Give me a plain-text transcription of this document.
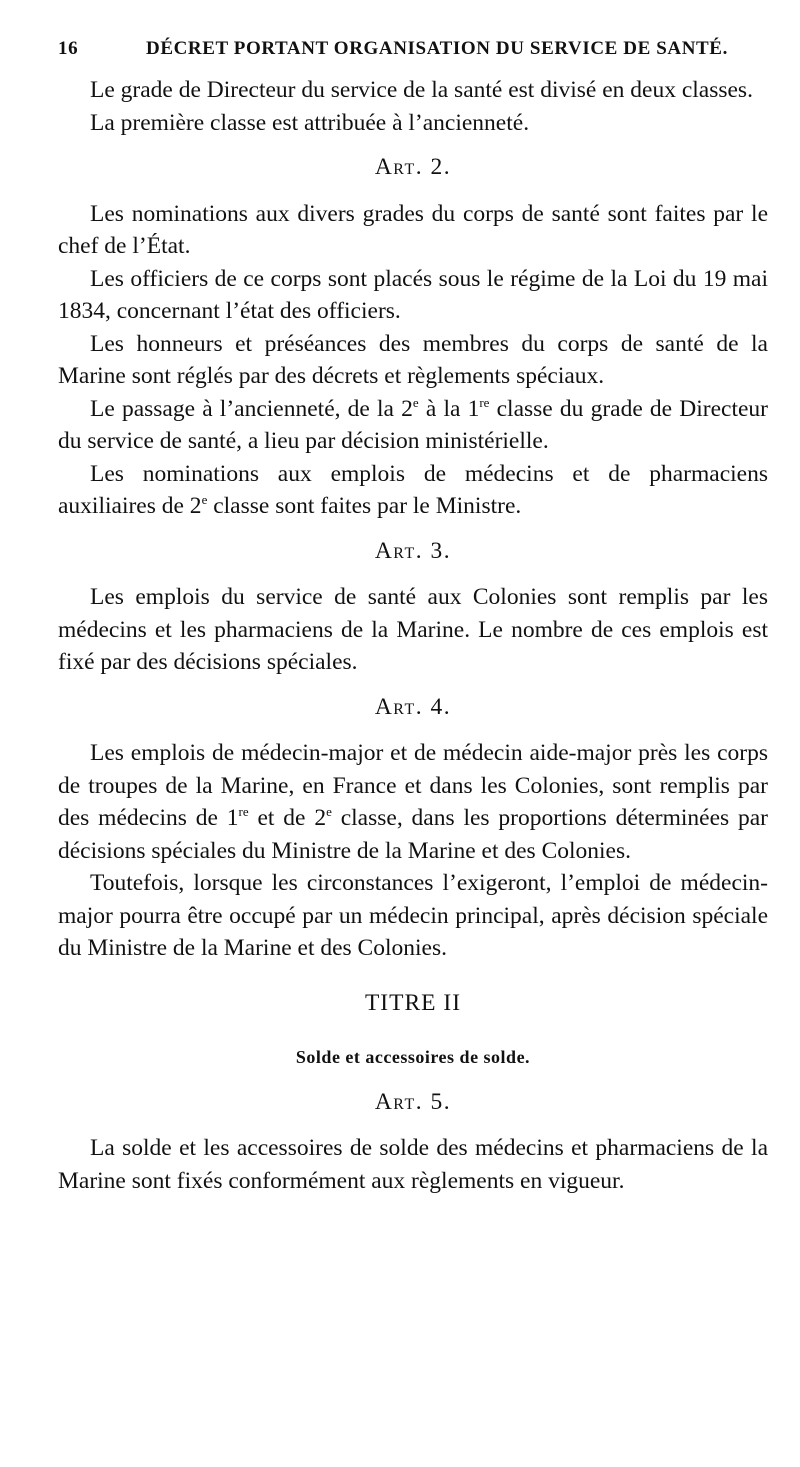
16	DÉCRET PORTANT ORGANISATION DU SERVICE DE SANTÉ.

Le grade de Directeur du service de la santé est divisé en deux classes.

La première classe est attribuée à l’ancienneté.

Art. 2.

Les nominations aux divers grades du corps de santé sont faites par le chef de l’État.

Les officiers de ce corps sont placés sous le régime de la Loi du 19 mai 1834, concernant l’état des officiers.

Les honneurs et préséances des membres du corps de santé de la Marine sont réglés par des décrets et règlements spéciaux.

Le passage à l’ancienneté, de la 2e à la 1re classe du grade de Directeur du service de santé, a lieu par décision ministérielle.

Les nominations aux emplois de médecins et de pharmaciens auxiliaires de 2e classe sont faites par le Ministre.

Art. 3.

Les emplois du service de santé aux Colonies sont remplis par les médecins et les pharmaciens de la Marine. Le nombre de ces emplois est fixé par des décisions spéciales.

Art. 4.

Les emplois de médecin-major et de médecin aide-major près les corps de troupes de la Marine, en France et dans les Colonies, sont remplis par des médecins de 1re et de 2e classe, dans les proportions déterminées par décisions spéciales du Ministre de la Marine et des Colonies.

Toutefois, lorsque les circonstances l’exigeront, l’emploi de médecin-major pourra être occupé par un médecin principal, après décision spéciale du Ministre de la Marine et des Colonies.

TITRE II

Solde et accessoires de solde.

Art. 5.

La solde et les accessoires de solde des médecins et pharmaciens de la Marine sont fixés conformément aux règlements en vigueur.
